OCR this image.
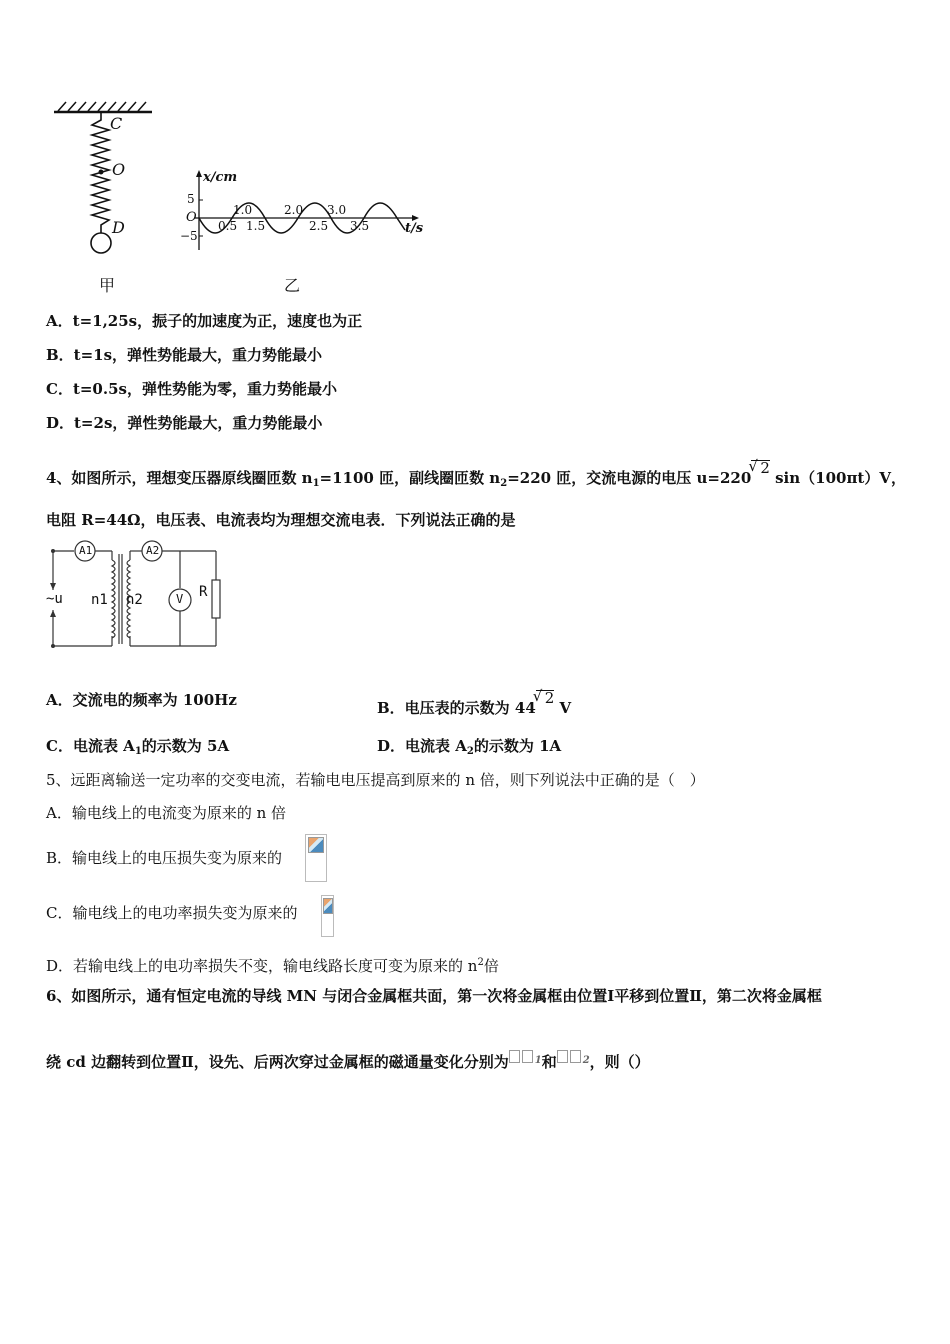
C
O
D
甲
x/cm
t/s
5
O
−5
1.0	2.0 3.0
0.5 1.5	2.5 3.5
乙
A．t=1,25s，振子的加速度为正，速度也为正
B．t=1s，弹性势能最大，重力势能最小
C．t=0.5s，弹性势能为零，重力势能最小
D．t=2s，弹性势能最大，重力势能最小
4、如图所示，理想变压器原线圈匝数 $n_1=1100$ 匝，副线圈匝数 $n_2=220$ 匝，交流电源的电压 u=220√ 2 sin（100πt）V，
电阻 R=44Ω，电压表、电流表均为理想交流电表．下列说法正确的是
A1	A2
~u n1 n2	V R
A．交流电的频率为 100Hz	B．电压表的示数为 44√ 2 V
C．电流表 $A_1$的示数为 5A	D．电流表 $A_2$的示数为 1A
5、远距离输送一定功率的交变电流，若输电电压提高到原来的 n 倍，则下列说法中正确的是（　）
A．输电线上的电流变为原来的 n 倍
B．输电线上的电压损失变为原来的
C．输电线上的电功率损失变为原来的
D．若输电线上的电功率损失不变，输电线路长度可变为原来的 $n^2$倍
6、如图所示，通有恒定电流的导线 MN 与闭合金属框共面，第一次将金属框由位置Ⅰ平移到位置Ⅱ，第二次将金属框
绕 cd 边翻转到位置Ⅱ，设先、后两次穿过金属框的磁通量变化分别为	$^1$和	$^2$，则（）
